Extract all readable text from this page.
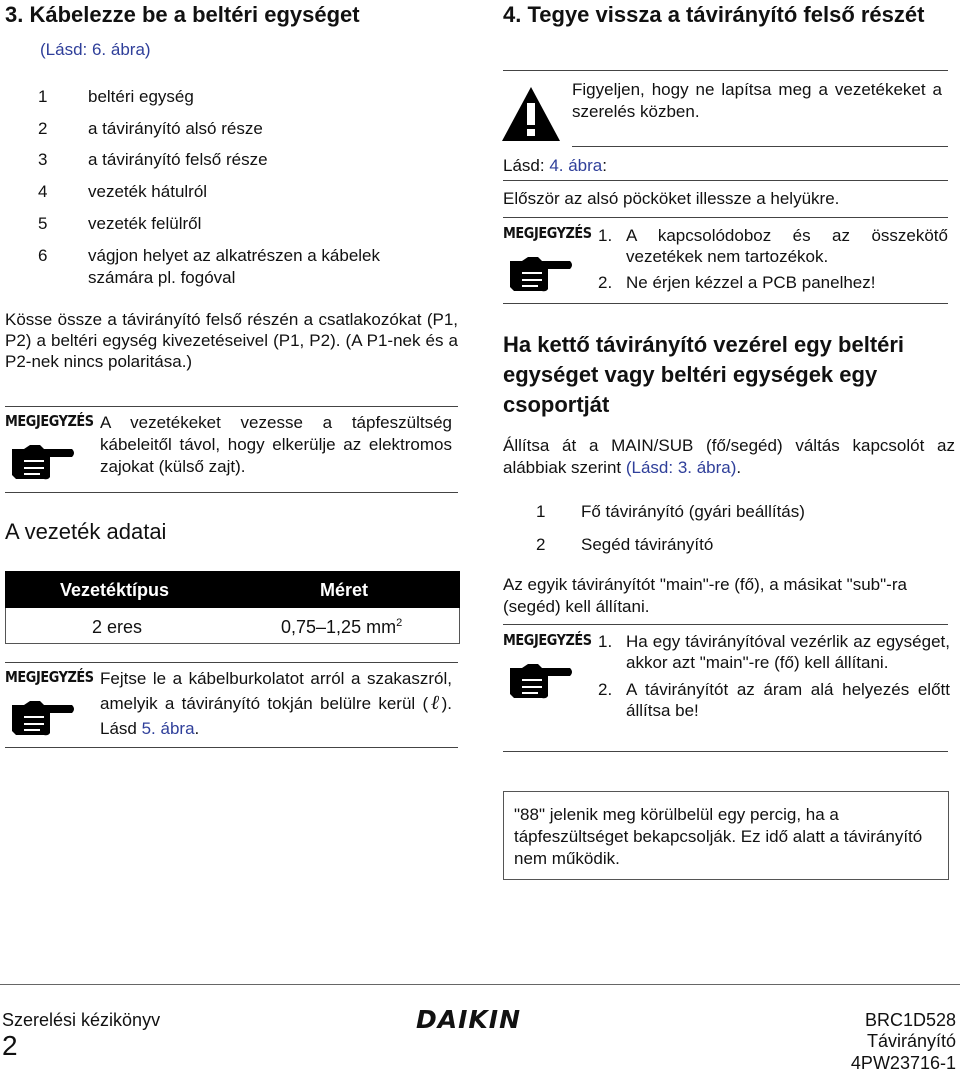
3. Kábelezze be a beltéri egységet
(Lásd: 6. ábra)
1 beltéri egység
2 a távirányító alsó része
3 a távirányító felső része
4 vezeték hátulról
5 vezeték felülről
6	vágjon helyet az alkatrészen a kábelek számára pl. fogóval
Kösse össze a távirányító felső részén a csatlakozókat (P1, P2) a beltéri egység kivezetéseivel (P1, P2). (A P1-nek és a P2-nek nincs polaritása.)
MEGJEGYZÉS A vezetékeket vezesse a tápfeszültség kábeleitől távol, hogy elkerülje az elektromos zajokat (külső zajt).
A vezeték adatai
Vezetéktípus	Méret
2 eres	0,75–1,25 $mm^2$
MEGJEGYZÉS Fejtse le a kábelburkolatot arról a szakaszról, amelyik a távirányító tokján belülre kerül (ℓ). Lásd 5. ábra.
4. Tegye vissza a távirányító felső részét
Figyeljen, hogy ne lapítsa meg a vezetékeket a szerelés közben.
Lásd: 4. ábra:
Először az alsó pöcköket illessze a helyükre.
MEGJEGYZÉS 1. A kapcsolódoboz és az összekötő vezetékek nem tartozékok.
2. Ne érjen kézzel a PCB panelhez!
Ha kettő távirányító vezérel egy beltéri egységet vagy beltéri egységek egy csoportját
Állítsa át a MAIN/SUB (fő/segéd) váltás kapcsolót az alábbiak szerint (Lásd: 3. ábra).
1 Fő távirányító (gyári beállítás)
2 Segéd távirányító
Az egyik távirányítót "main"-re (fő), a másikat "sub"-ra (segéd) kell állítani.
MEGJEGYZÉS 1. Ha egy távirányítóval vezérlik az egységet, akkor azt "main"-re (fő) kell állítani.
2. A távirányítót az áram alá helyezés előtt állítsa be!
"88" jelenik meg körülbelül egy percig, ha a tápfeszültséget bekapcsolják. Ez idő alatt a távirányító nem működik.
Szerelési kézikönyv
2
DAIKIN	BRC1D528
Távirányító
4PW23716-1
